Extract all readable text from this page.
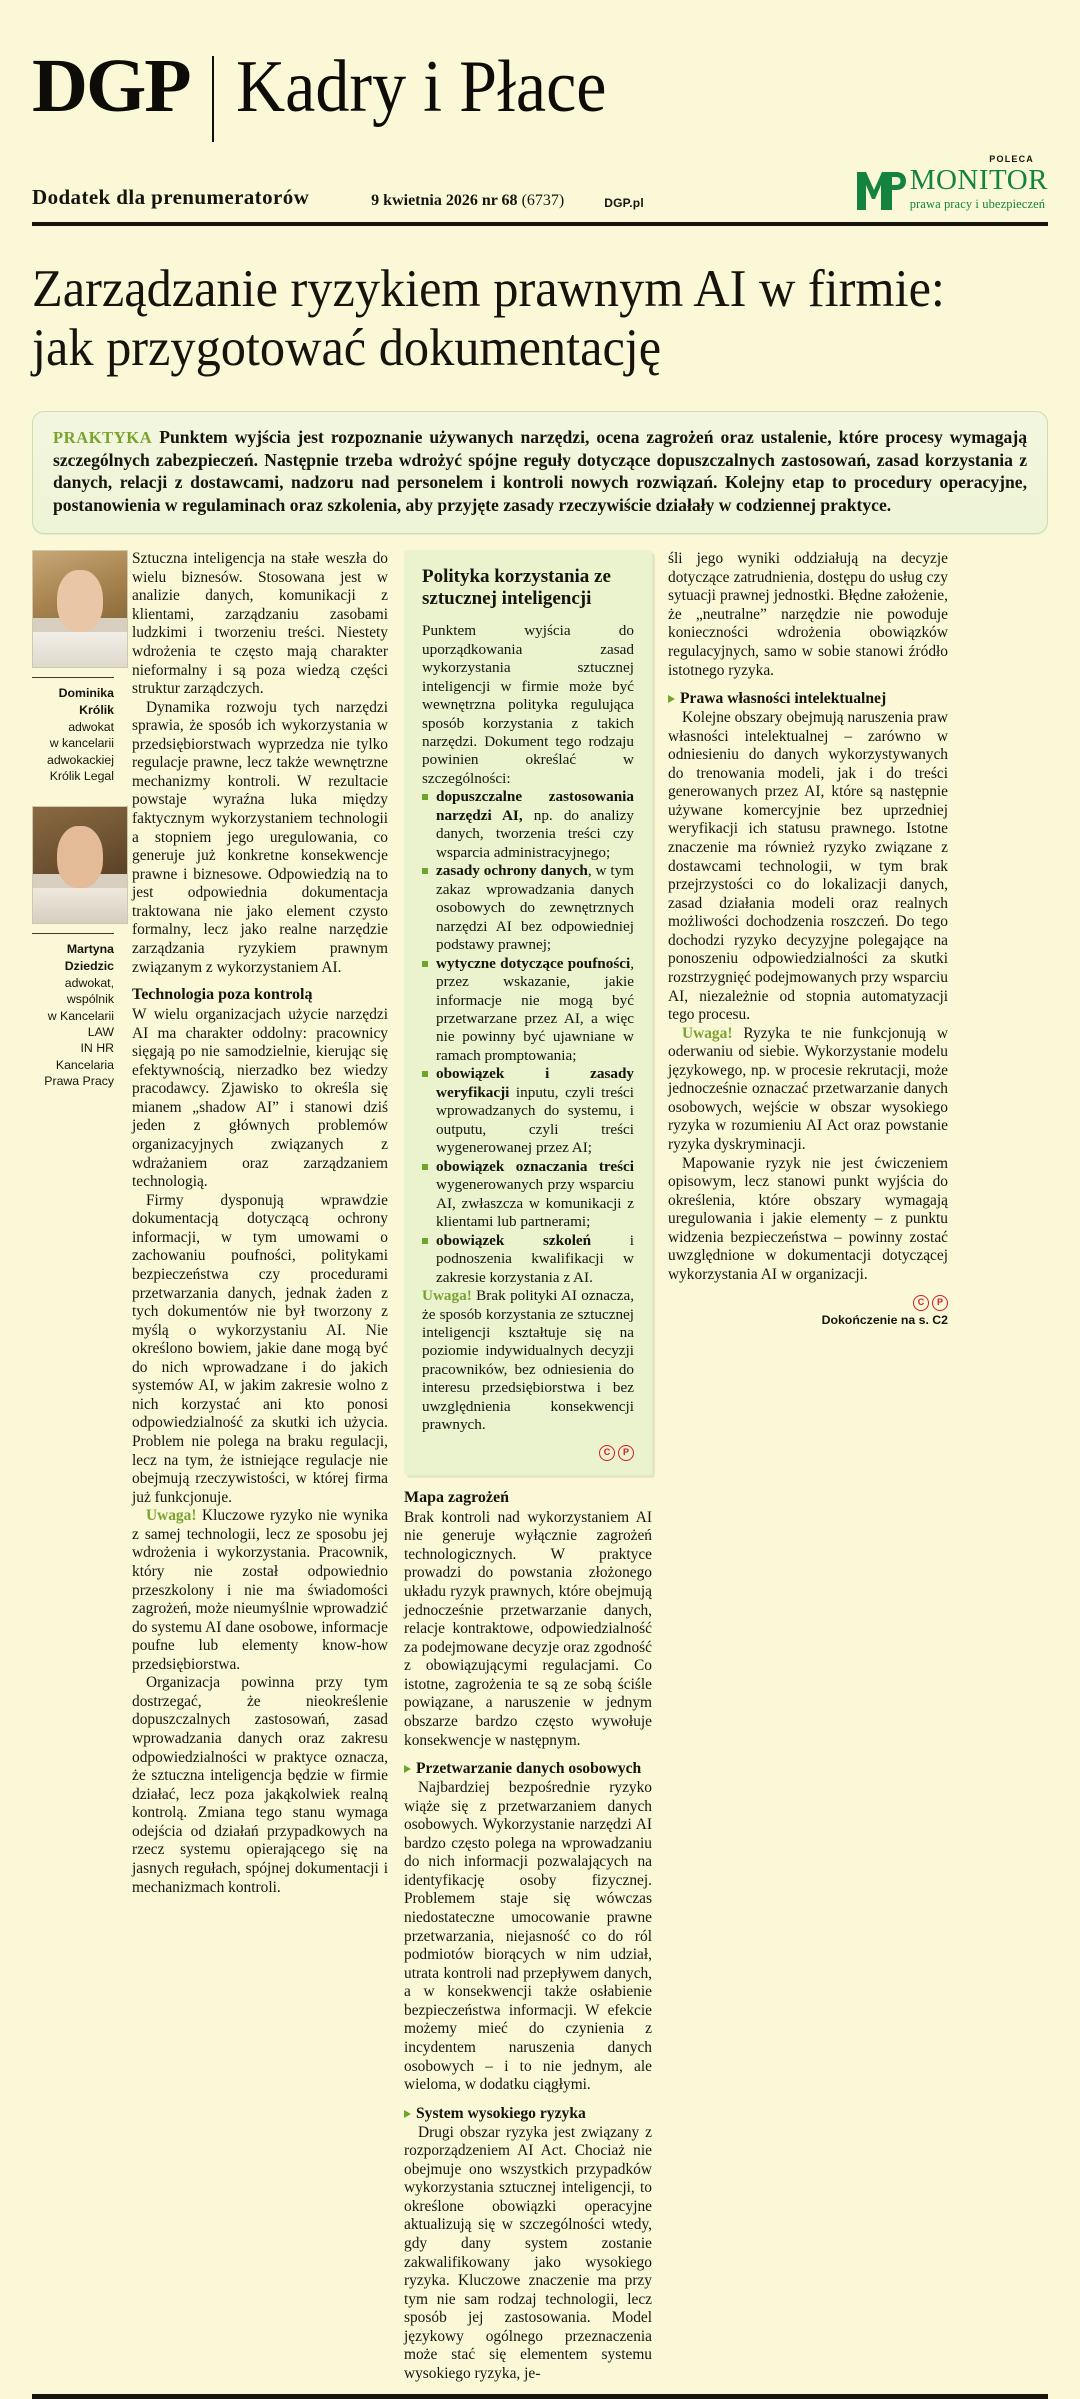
DGP Kadry i Płace
Dodatek dla prenumeratorów	9 kwietnia 2026 nr 68 (6737)	DGP.pl
POLECA
MONITOR
prawa pracy i ubezpieczeń
Zarządzanie ryzykiem prawnym AI w firmie:
jak przygotować dokumentację

PRAKTYKA Punktem wyjścia jest rozpoznanie używanych narzędzi, ocena zagrożeń oraz ustalenie, które procesy wymagają szczególnych zabezpieczeń. Następnie trzeba wdrożyć spójne reguły dotyczące dopuszczalnych zastosowań, zasad korzystania z danych, relacji z dostawcami, nadzoru nad personelem i kontroli nowych rozwiązań. Kolejny etap to procedury operacyjne, postanowienia w regulaminach oraz szkolenia, aby przyjęte zasady rzeczywiście działały w codziennej praktyce.

Dominika Królik
adwokat
w kancelarii
adwokackiej
Królik Legal
Martyna Dziedzic
adwokat, wspólnik
w Kancelarii LAW
IN HR Kancelaria
Prawa Pracy

Sztuczna inteligencja na stałe weszła do wielu biznesów. Stosowana jest w analizie danych, komunikacji z klientami, zarządzaniu zasobami ludzkimi i tworzeniu treści. Niestety wdrożenia te często mają charakter nieformalny i są poza wiedzą części struktur zarządczych.

Dynamika rozwoju tych narzędzi sprawia, że sposób ich wykorzystania w przedsiębiorstwach wyprzedza nie tylko regulacje prawne, lecz także wewnętrzne mechanizmy kontroli. W rezultacie powstaje wyraźna luka między faktycznym wykorzystaniem technologii a stopniem jego uregulowania, co generuje już konkretne konsekwencje prawne i biznesowe. Odpowiedzią na to jest odpowiednia dokumentacja traktowana nie jako element czysto formalny, lecz jako realne narzędzie zarządzania ryzykiem prawnym związanym z wykorzystaniem AI.

Technologia poza kontrolą

W wielu organizacjach użycie narzędzi AI ma charakter oddolny: pracownicy sięgają po nie samodzielnie, kierując się efektywnością, nierzadko bez wiedzy pracodawcy. Zjawisko to określa się mianem „shadow AI” i stanowi dziś jeden z głównych problemów organizacyjnych związanych z wdrażaniem oraz zarządzaniem technologią.

Firmy dysponują wprawdzie dokumentacją dotyczącą ochrony informacji, w tym umowami o zachowaniu poufności, politykami bezpieczeństwa czy procedurami przetwarzania danych, jednak żaden z tych dokumentów nie był tworzony z myślą o wykorzystaniu AI. Nie określono bowiem, jakie dane mogą być do nich wprowadzane i do jakich systemów AI, w jakim zakresie wolno z nich korzystać ani kto ponosi odpowiedzialność za skutki ich użycia. Problem nie polega na braku regulacji, lecz na tym, że istniejące regulacje nie obejmują rzeczywistości, w której firma już funkcjonuje.

Uwaga! Kluczowe ryzyko nie wynika z samej technologii, lecz ze sposobu jej wdrożenia i wykorzystania. Pracownik, który nie został odpowiednio przeszkolony i nie ma świadomości zagrożeń, może nieumyślnie wprowadzić do systemu AI dane osobowe, informacje poufne lub elementy know-how przedsiębiorstwa.

Organizacja powinna przy tym dostrzegać, że nieokreślenie dopuszczalnych zastosowań, zasad wprowadzania danych oraz zakresu odpowiedzialności w praktyce oznacza, że sztuczna inteligencja będzie w firmie działać, lecz poza jakąkolwiek realną kontrolą. Zmiana tego stanu wymaga odejścia od działań przypadkowych na rzecz systemu opierającego się na jasnych regułach, spójnej dokumentacji i mechanizmach kontroli.

Polityka korzystania ze sztucznej inteligencji

Punktem wyjścia do uporządkowania zasad wykorzystania sztucznej inteligencji w firmie może być wewnętrzna polityka regulująca sposób korzystania z takich narzędzi. Dokument tego rodzaju powinien określać w szczególności:

dopuszczalne zastosowania narzędzi AI, np. do analizy danych, tworzenia treści czy wsparcia administracyjnego;
zasady ochrony danych, w tym zakaz wprowadzania danych osobowych do zewnętrznych narzędzi AI bez odpowiedniej podstawy prawnej;
wytyczne dotyczące poufności, przez wskazanie, jakie informacje nie mogą być przetwarzane przez AI, a więc nie powinny być ujawniane w ramach promptowania;
obowiązek i zasady weryfikacji inputu, czyli treści wprowadzanych do systemu, i outputu, czyli treści wygenerowanej przez AI;
obowiązek oznaczania treści wygenerowanych przy wsparciu AI, zwłaszcza w komunikacji z klientami lub partnerami;
obowiązek szkoleń i podnoszenia kwalifikacji w zakresie korzystania z AI.

Uwaga! Brak polityki AI oznacza, że sposób korzystania ze sztucznej inteligencji kształtuje się na poziomie indywidualnych decyzji pracowników, bez odniesienia do interesu przedsiębiorstwa i bez uwzględnienia konsekwencji prawnych.

C	P
Mapa zagrożeń

Brak kontroli nad wykorzystaniem AI nie generuje wyłącznie zagrożeń technologicznych. W praktyce prowadzi do powstania złożonego układu ryzyk prawnych, które obejmują jednocześnie przetwarzanie danych, relacje kontraktowe, odpowiedzialność za podejmowane decyzje oraz zgodność z obowiązującymi regulacjami. Co istotne, zagrożenia te są ze sobą ściśle powiązane, a naruszenie w jednym obszarze bardzo często wywołuje konsekwencje w następnym.

Przetwarzanie danych osobowych

Najbardziej bezpośrednie ryzyko wiąże się z przetwarzaniem danych osobowych. Wykorzystanie narzędzi AI bardzo często polega na wprowadzaniu do nich informacji pozwalających na identyfikację osoby fizycznej. Problemem staje się wówczas niedostateczne umocowanie prawne przetwarzania, niejasność co do ról podmiotów biorących w nim udział, utrata kontroli nad przepływem danych, a w konsekwencji także osłabienie bezpieczeństwa informacji. W efekcie możemy mieć do czynienia z incydentem naruszenia danych osobowych – i to nie jednym, ale wieloma, w dodatku ciągłymi.

System wysokiego ryzyka

Drugi obszar ryzyka jest związany z rozporządzeniem AI Act. Chociaż nie obejmuje ono wszystkich przypadków wykorzystania sztucznej inteligencji, to określone obowiązki operacyjne aktualizują się w szczególności wtedy, gdy dany system zostanie zakwalifikowany jako wysokiego ryzyka. Kluczowe znaczenie ma przy tym nie sam rodzaj technologii, lecz sposób jej zastosowania. Model językowy ogólnego przeznaczenia może stać się elementem systemu wysokiego ryzyka, je-

śli jego wyniki oddziałują na decyzje dotyczące zatrudnienia, dostępu do usług czy sytuacji prawnej jednostki. Błędne założenie, że „neutralne” narzędzie nie powoduje konieczności wdrożenia obowiązków regulacyjnych, samo w sobie stanowi źródło istotnego ryzyka.

Prawa własności intelektualnej

Kolejne obszary obejmują naruszenia praw własności intelektualnej – zarówno w odniesieniu do danych wykorzystywanych do trenowania modeli, jak i do treści generowanych przez AI, które są następnie używane komercyjnie bez uprzedniej weryfikacji ich statusu prawnego. Istotne znaczenie ma również ryzyko związane z dostawcami technologii, w tym brak przejrzystości co do lokalizacji danych, zasad działania modeli oraz realnych możliwości dochodzenia roszczeń. Do tego dochodzi ryzyko decyzyjne polegające na ponoszeniu odpowiedzialności za skutki rozstrzygnięć podejmowanych przy wsparciu AI, niezależnie od stopnia automatyzacji tego procesu.

Uwaga! Ryzyka te nie funkcjonują w oderwaniu od siebie. Wykorzystanie modelu językowego, np. w procesie rekrutacji, może jednocześnie oznaczać przetwarzanie danych osobowych, wejście w obszar wysokiego ryzyka w rozumieniu AI Act oraz powstanie ryzyka dyskryminacji.

Mapowanie ryzyk nie jest ćwiczeniem opisowym, lecz stanowi punkt wyjścia do określenia, które obszary wymagają uregulowania i jakie elementy – z punktu widzenia bezpieczeństwa – powinny zostać uwzględnione w dokumentacji dotyczącej wykorzystania AI w organizacji.

C	P
Dokończenie na s. C2
